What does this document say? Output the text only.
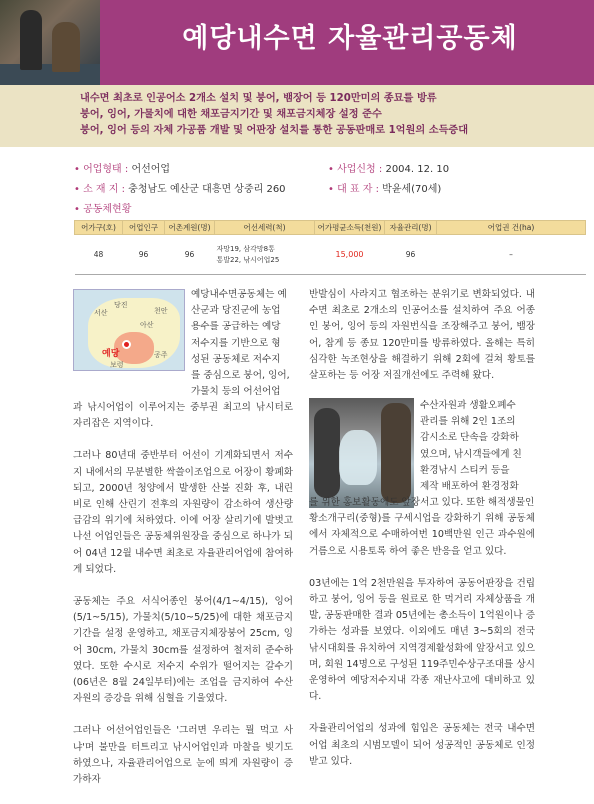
예당내수면 자율관리공동체
내수면 최초로 인공어소 2개소 설치 및 붕어, 뱀장어 등 120만미의 종묘를 방류
붕어, 잉어, 가물치에 대한 채포금지기간 및 채포금지체장 설정 준수
붕어, 잉어 등의 자체 가공품 개발 및 어판장 설치를 통한 공동판매로 1억원의 소득증대
• 어업형태 : 어선어업
• 소 재 지 : 충청남도 예산군 대흥면 상중리 260
• 공동체현황
• 사업신청 : 2004. 12. 10
• 대 표 자 : 박윤세(70세)
어가구(호)	어업인구	어촌계원(명)	어선세력(척)	어가평균소득(천원)	자율관리(명)	어업권 건(ha)
48	96	96	자망19, 삼각망8통
통발22, 낚시어업25	15,000	96	–
서산
당진
천안
아산
예당	공주
보령
예당내수면공동체는 예
산군과 당진군에 농업
용수를 공급하는 예당
저수지를 기반으로 형
성된 공동체로 저수지
를 중심으로 붕어, 잉어,
가물치 등의 어선어업

과 낚시어업이 이루어지는 중부권 최고의 낚시터로 자리잡은 지역이다.

그러나 80년대 중반부터 어선이 기계화되면서 저수지 내에서의 무분별한 싹쓸이조업으로 어장이 황폐화되고, 2000년 청양에서 발생한 산불 진화 후, 내린 비로 인해 산린기 전후의 자원량이 감소하여 생산량 급감의 위기에 처하였다. 이에 어장 살리기에 발벗고 나선 어업인들은 공동체위원장을 중심으로 하나가 되어 04년 12월 내수면 최초로 자율관리어업에 참여하게 되었다.

공동체는 주요 서식어종인 붕어(4/1~4/15), 잉어(5/1~5/15), 가물치(5/10~5/25)에 대한 채포금지기간을 설정 운영하고, 채포금지체장붕어 25cm, 잉어 30cm, 가물치 30cm를 설정하여 철저히 준수하였다. 또한 수시로 저수지 수위가 떨어지는 갈수기(06년은 8월 24일부터)에는 조업을 금지하여 수산자원의 증강을 위해 심혈을 기울였다.

그러나 어선어업인들은 '그러면 우리는 뭘 먹고 사냐'며 불만을 터트리고 낚시어업인과 마찰을 빚기도 하였으나, 자율관리어업으로 눈에 띄게 자원량이 증가하자

반발심이 사라지고 협조하는 분위기로 변화되었다. 내수면 최초로 2개소의 인공어소를 설치하여 주요 어종인 붕어, 잉어 등의 자원번식을 조장해주고 붕어, 뱀장어, 참게 등 종묘 120만미를 방류하였다. 올해는 특히 심각한 녹조현상을 해결하기 위해 2회에 걸쳐 황토를 살포하는 등 어장 저질개선에도 주력해 왔다.

수산자원과 생활오폐수
관리를 위해 2인 1조의
감시소로 단속을 강화하
였으며, 낚시객들에게 친
환경낚시 스티커 등을
제작 배포하여 환경정화
를 위한 홍보활동에도 앞장서고 있다. 또한 해적생물인

황소개구리(중형)를 구세시업을 강화하기 위해 공동체에서 자체적으로 수매하여번 10백만원 인근 과수원에 거름으로 시용토록 하여 좋은 반응을 얻고 있다.

03년에는 1억 2천만원을 투자하여 공동어판장을 건립하고 붕어, 잉어 등을 원료로 한 먹거리 자체상품을 개발, 공동판매한 결과 05년에는 총소득이 1억원이나 증가하는 성과를 보였다. 이외에도 매년 3~5회의 전국낚시대회를 유치하여 지역경제활성화에 앞장서고 있으며, 회원 14명으로 구성된 119주민수상구조대를 상시 운영하여 예당저수지내 각종 재난사고에 대비하고 있다.

자율관리어업의 성과에 힘입은 공동체는 전국 내수면 어업 최초의 시범모델이 되어 성공적인 공동체로 인정받고 있다.
